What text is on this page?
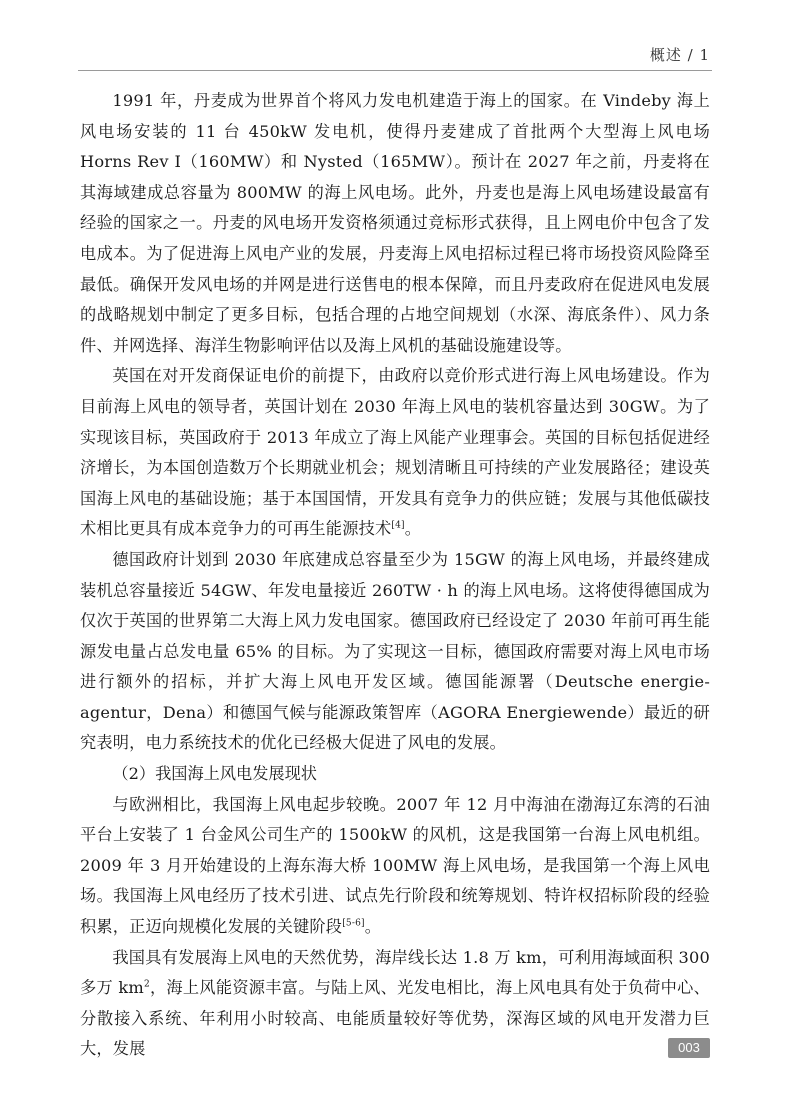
概述 / 1

1991 年，丹麦成为世界首个将风力发电机建造于海上的国家。在 Vindeby 海上风电场安装的 11 台 450kW 发电机，使得丹麦建成了首批两个大型海上风电场 Horns Rev I（160MW）和 Nysted（165MW）。预计在 2027 年之前，丹麦将在其海域建成总容量为 800MW 的海上风电场。此外，丹麦也是海上风电场建设最富有经验的国家之一。丹麦的风电场开发资格须通过竞标形式获得，且上网电价中包含了发电成本。为了促进海上风电产业的发展，丹麦海上风电招标过程已将市场投资风险降至最低。确保开发风电场的并网是进行送售电的根本保障，而且丹麦政府在促进风电发展的战略规划中制定了更多目标，包括合理的占地空间规划（水深、海底条件）、风力条件、并网选择、海洋生物影响评估以及海上风机的基础设施建设等。

英国在对开发商保证电价的前提下，由政府以竞价形式进行海上风电场建设。作为目前海上风电的领导者，英国计划在 2030 年海上风电的装机容量达到 30GW。为了实现该目标，英国政府于 2013 年成立了海上风能产业理事会。英国的目标包括促进经济增长，为本国创造数万个长期就业机会；规划清晰且可持续的产业发展路径；建设英国海上风电的基础设施；基于本国国情，开发具有竞争力的供应链；发展与其他低碳技术相比更具有成本竞争力的可再生能源技术[4]。

德国政府计划到 2030 年底建成总容量至少为 15GW 的海上风电场，并最终建成装机总容量接近 54GW、年发电量接近 260TW · h 的海上风电场。这将使得德国成为仅次于英国的世界第二大海上风力发电国家。德国政府已经设定了 2030 年前可再生能源发电量占总发电量 65% 的目标。为了实现这一目标，德国政府需要对海上风电市场进行额外的招标，并扩大海上风电开发区域。德国能源署（Deutsche energie-agentur，Dena）和德国气候与能源政策智库（AGORA Energiewende）最近的研究表明，电力系统技术的优化已经极大促进了风电的发展。

（2）我国海上风电发展现状

与欧洲相比，我国海上风电起步较晚。2007 年 12 月中海油在渤海辽东湾的石油平台上安装了 1 台金风公司生产的 1500kW 的风机，这是我国第一台海上风电机组。2009 年 3 月开始建设的上海东海大桥 100MW 海上风电场，是我国第一个海上风电场。我国海上风电经历了技术引进、试点先行阶段和统筹规划、特许权招标阶段的经验积累，正迈向规模化发展的关键阶段[5-6]。

我国具有发展海上风电的天然优势，海岸线长达 1.8 万 km，可利用海域面积 300 多万 $km^2$，海上风能资源丰富。与陆上风、光发电相比，海上风电具有处于负荷中心、分散接入系统、年利用小时较高、电能质量较好等优势，深海区域的风电开发潜力巨大，发展	003
